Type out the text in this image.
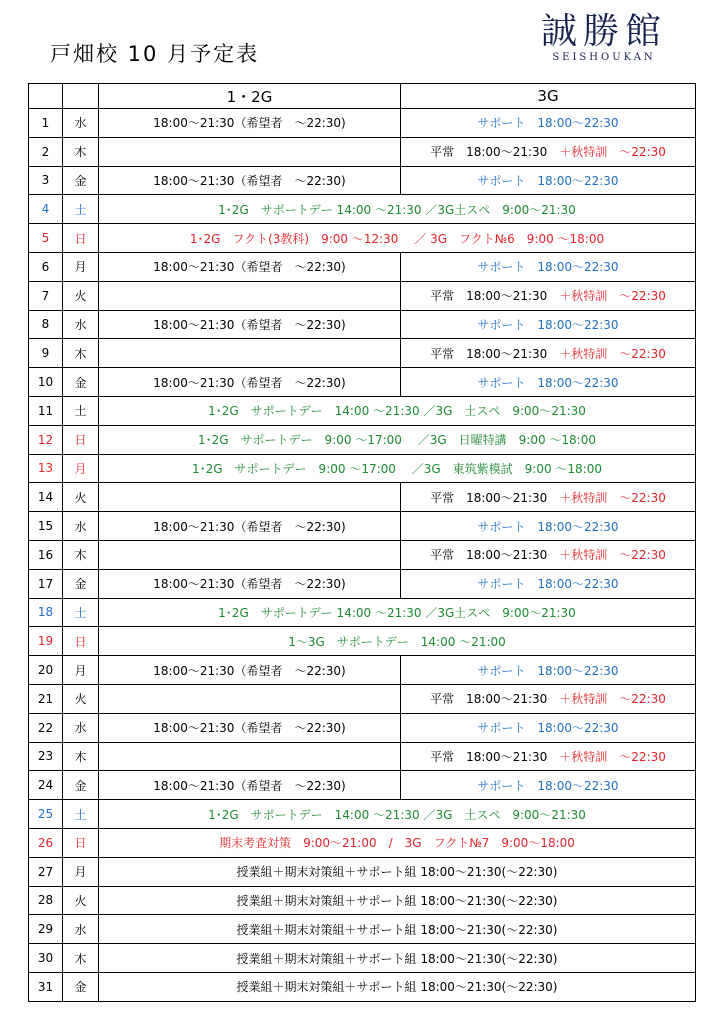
戸畑校 10 月予定表
誠勝館
SEISHOUKAN
		1・2G	3G
1	水	18:00～21:30（希望者　～22:30)	サポート　18:00～22:30
2	木		平常　18:00～21:30　 ＋秋特訓　～22:30
3	金	18:00～21:30（希望者　～22:30)	サポート　18:00～22:30
4	土	1･2G　サポートデー 14:00 ～21:30 ／3G土スペ　9:00～21:30	
5	日	1･2G　フクト(3教科)　9:00 ～12:30　 ／ 3G　フクト№6　9:00 ～18:00	
6	月	18:00～21:30（希望者　～22:30)	サポート　18:00～22:30
7	火		平常　18:00～21:30　 ＋秋特訓　～22:30
8	水	18:00～21:30（希望者　～22:30)	サポート　18:00～22:30
9	木		平常　18:00～21:30　 ＋秋特訓　～22:30
10	金	18:00～21:30（希望者　～22:30)	サポート　18:00～22:30
11	土	1･2G　サポートデー　14:00 ～21:30 ／3G　土スペ　9:00～21:30	
12	日	1･2G　サポートデー　9:00 ～17:00　 ／3G　日曜特講　9:00 ～18:00	
13	月	1･2G　サポートデー　9:00 ～17:00　 ／3G　東筑紫模試　9:00 ～18:00	
14	火		平常　18:00～21:30　 ＋秋特訓　～22:30
15	水	18:00～21:30（希望者　～22:30)	サポート　18:00～22:30
16	木		平常　18:00～21:30　 ＋秋特訓　～22:30
17	金	18:00～21:30（希望者　～22:30)	サポート　18:00～22:30
18	土	1･2G　サポートデー 14:00 ～21:30 ／3G土スペ　9:00～21:30	
19	日	1～3G　サポートデー　14:00 ～21:00	
20	月	18:00～21:30（希望者　～22:30)	サポート　18:00～22:30
21	火		平常　18:00～21:30　 ＋秋特訓　～22:30
22	水	18:00～21:30（希望者　～22:30)	サポート　18:00～22:30
23	木		平常　18:00～21:30　 ＋秋特訓　～22:30
24	金	18:00～21:30（希望者　～22:30)	サポート　18:00～22:30
25	土	1･2G　サポートデー　14:00 ～21:30 ／3G　土スペ　9:00～21:30	
26	日	期末考査対策　9:00～21:00　/　3G　フクト№7　9:00～18:00	
27	月	授業組＋期末対策組＋サポート組 18:00～21:30(～22:30)	
28	火	授業組＋期末対策組＋サポート組 18:00～21:30(～22:30)	
29	水	授業組＋期末対策組＋サポート組 18:00～21:30(～22:30)	
30	木	授業組＋期末対策組＋サポート組 18:00～21:30(～22:30)	
31	金	授業組＋期末対策組＋サポート組 18:00～21:30(～22:30)	
